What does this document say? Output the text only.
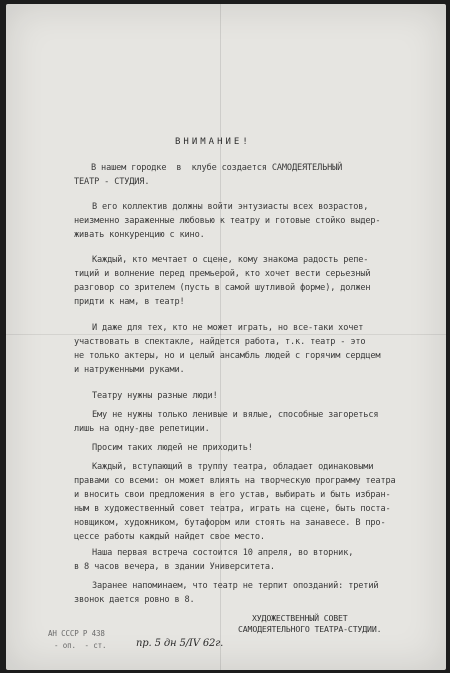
ВНИМАНИЕ!
В нашем городке  в  клубе создается САМОДЕЯТЕЛЬНЫЙ
ТЕАТР - СТУДИЯ.
В его коллектив должны войти энтузиасты всех возрастов,
неизменно зараженные любовью к театру и готовые стойко выдер-
живать конкуренцию с кино.
Каждый, кто мечтает о сцене, кому знакома радость репе-
тиций и волнение перед премьерой, кто хочет вести серьезный
разговор со зрителем (пусть в самой шутливой форме), должен
придти к нам, в театр!
И даже для тех, кто не может играть, но все-таки хочет
участвовать в спектакле, найдется работа, т.к. театр - это
не только актеры, но и целый ансамбль людей с горячим сердцем
и натруженными руками.
Театру нужны разные люди!
Ему не нужны только ленивые и вялые, способные загореться
лишь на одну-две репетиции.
Просим таких людей не приходить!
Каждый, вступающий в труппу театра, обладает одинаковыми
правами со всеми: он может влиять на творческую программу театра
и вносить свои предложения в его устав, выбирать и быть избран-
ным в художественный совет театра, играть на сцене, быть поста-
новщиком, художником, бутафором или стоять на занавесе. В про-
цессе работы каждый найдет свое место.
Наша первая встреча состоится 10 апреля, во вторник,
в 8 часов вечера, в здании Университета.
Заранее напоминаем, что театр не терпит опозданий: третий
звонок дается ровно в 8.
ХУДОЖЕСТВЕННЫЙ СОВЕТ
САМОДЕЯТЕЛЬНОГО ТЕАТРА-СТУДИИ.
АН СССР Р 438
- оп.  - ст.	пр. 5 дн 5/IV 62г.
